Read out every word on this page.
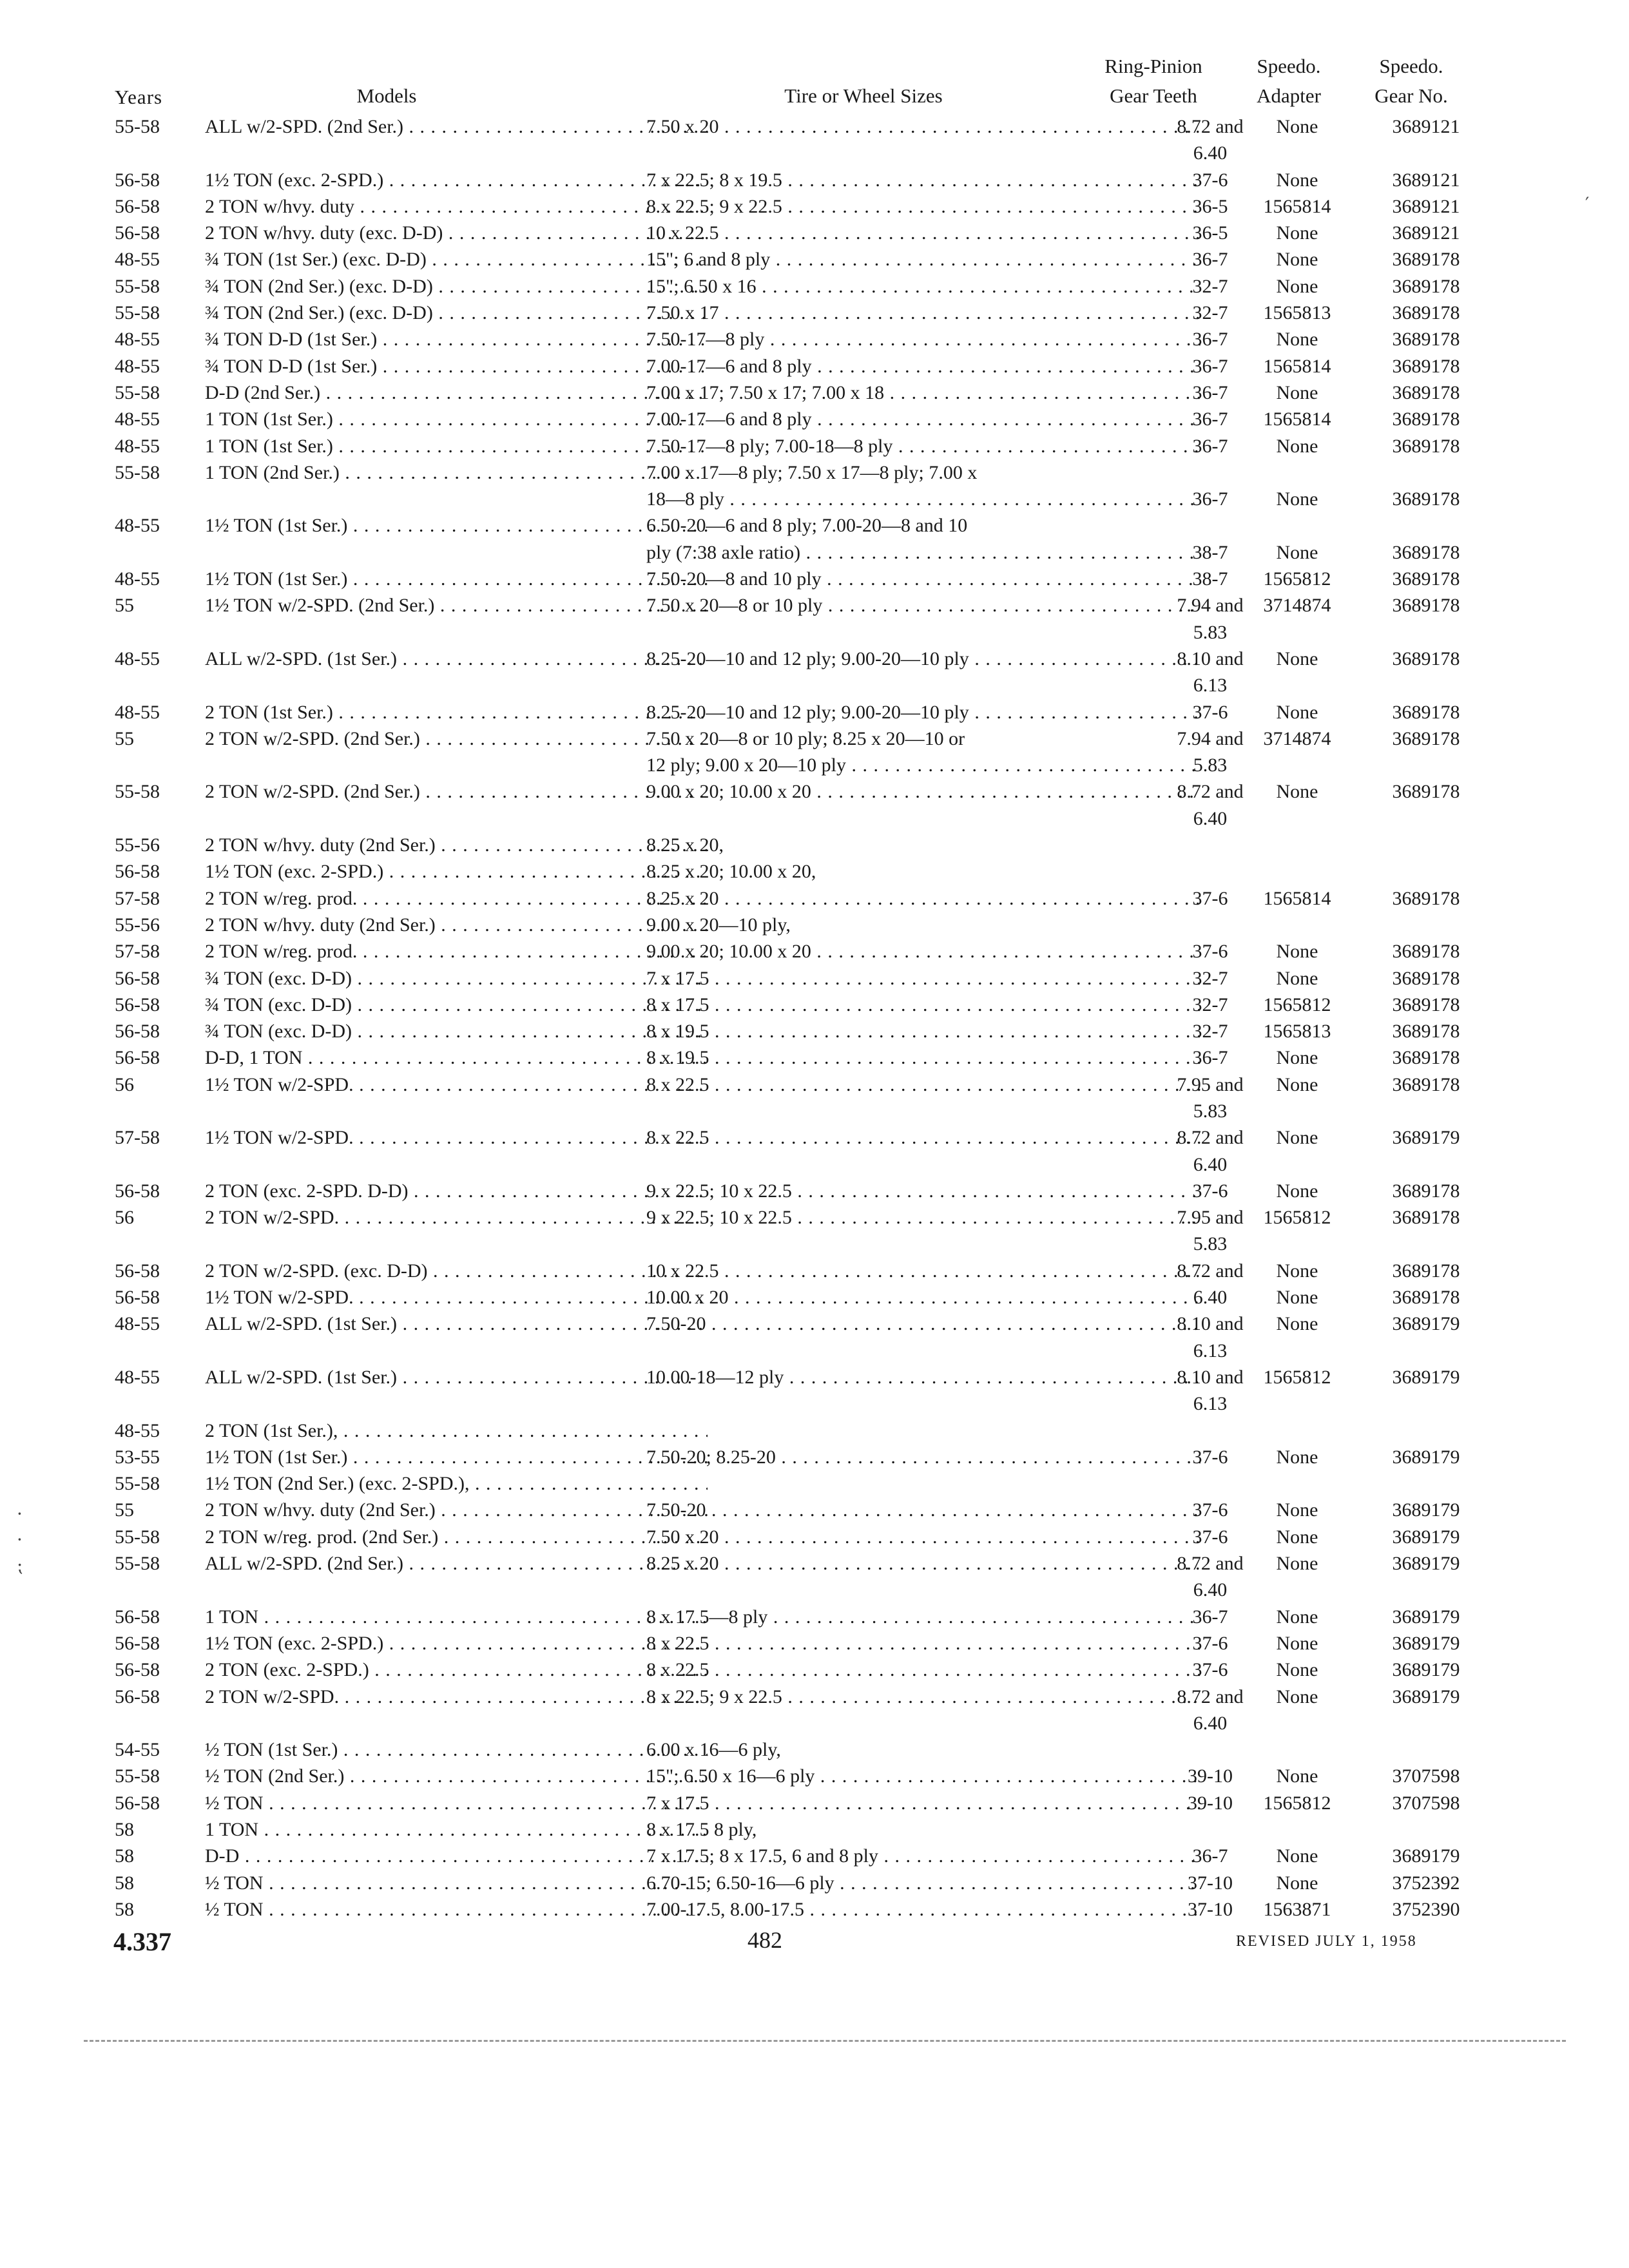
Ring-Pinion	Speedo.	Speedo.
Years	Models	Tire or Wheel Sizes	Gear Teeth	Adapter	Gear No.
55-58	ALL w/2-SPD. (2nd Ser.) . . .	7.50 x 20 . . .	8.72 and	None	3689121
6.40
56-58	1½ TON (exc. 2-SPD.) . . .	7 x 22.5; 8 x 19.5 . . .	37-6	None	3689121
56-58	2 TON w/hvy. duty . . .	8 x 22.5; 9 x 22.5 . . .	36-5	1565814	3689121
56-58	2 TON w/hvy. duty (exc. D-D) . . .	10 x 22.5 . . .	36-5	None	3689121
48-55	¾ TON (1st Ser.) (exc. D-D) . . .	15"; 6 and 8 ply . . .	36-7	None	3689178
55-58	¾ TON (2nd Ser.) (exc. D-D) . . .	15"; 6.50 x 16 . . .	32-7	None	3689178
55-58	¾ TON (2nd Ser.) (exc. D-D) . . .	7.50 x 17 . . .	32-7	1565813	3689178
48-55	¾ TON D-D (1st Ser.) . . .	7.50-17—8 ply . . .	36-7	None	3689178
48-55	¾ TON D-D (1st Ser.) . . .	7.00-17—6 and 8 ply . . .	36-7	1565814	3689178
55-58	D-D (2nd Ser.) . . .	7.00 x 17; 7.50 x 17; 7.00 x 18 . . .	36-7	None	3689178
48-55	1 TON (1st Ser.) . . .	7.00-17—6 and 8 ply . . .	36-7	1565814	3689178
48-55	1 TON (1st Ser.) . . .	7.50-17—8 ply; 7.00-18—8 ply . . .	36-7	None	3689178
55-58	1 TON (2nd Ser.) . . .	7.00 x 17—8 ply; 7.50 x 17—8 ply; 7.00 x
18—8 ply . . .	36-7	None	3689178
48-55	1½ TON (1st Ser.) . . .	6.50-20—6 and 8 ply; 7.00-20—8 and 10
ply (7:38 axle ratio) . . .	38-7	None	3689178
48-55	1½ TON (1st Ser.) . . .	7.50-20—8 and 10 ply . . .	38-7	1565812	3689178
55	1½ TON w/2-SPD. (2nd Ser.) . . .	7.50 x 20—8 or 10 ply . . .	7.94 and	3714874	3689178
5.83
48-55	ALL w/2-SPD. (1st Ser.) . . .	8.25-20—10 and 12 ply; 9.00-20—10 ply . . .	8.10 and	None	3689178
6.13
48-55	2 TON (1st Ser.) . . .	8.25-20—10 and 12 ply; 9.00-20—10 ply . . .	37-6	None	3689178
55	2 TON w/2-SPD. (2nd Ser.) . . .	7.50 x 20—8 or 10 ply; 8.25 x 20—10 or	7.94 and	3714874	3689178
12 ply; 9.00 x 20—10 ply . . .	5.83
55-58	2 TON w/2-SPD. (2nd Ser.) . . .	9.00 x 20; 10.00 x 20 . . .	8.72 and	None	3689178
6.40
55-56	2 TON w/hvy. duty (2nd Ser.) . . .	8.25 x 20,
56-58	1½ TON (exc. 2-SPD.) . . .	8.25 x 20; 10.00 x 20,
57-58	2 TON w/reg. prod. . . .	8.25 x 20 . . .	37-6	1565814	3689178
55-56	2 TON w/hvy. duty (2nd Ser.) . . .	9.00 x 20—10 ply,
57-58	2 TON w/reg. prod. . . .	9.00 x 20; 10.00 x 20 . . .	37-6	None	3689178
56-58	¾ TON (exc. D-D) . . .	7 x 17.5 . . .	32-7	None	3689178
56-58	¾ TON (exc. D-D) . . .	8 x 17.5 . . .	32-7	1565812	3689178
56-58	¾ TON (exc. D-D) . . .	8 x 19.5 . . .	32-7	1565813	3689178
56-58	D-D, 1 TON . . .	8 x 19.5 . . .	36-7	None	3689178
56	1½ TON w/2-SPD. . . .	8 x 22.5 . . .	7.95 and	None	3689178
5.83
57-58	1½ TON w/2-SPD. . . .	8 x 22.5 . . .	8.72 and	None	3689179
6.40
56-58	2 TON (exc. 2-SPD. D-D) . . .	9 x 22.5; 10 x 22.5 . . .	37-6	None	3689178
56	2 TON w/2-SPD. . . .	9 x 22.5; 10 x 22.5 . . .	7.95 and	1565812	3689178
5.83
56-58	2 TON w/2-SPD. (exc. D-D) . . .	10 x 22.5 . . .	8.72 and	None	3689178
56-58	1½ TON w/2-SPD. . . .	10.00 x 20 . . .	6.40	None	3689178
48-55	ALL w/2-SPD. (1st Ser.) . . .	7.50-20 . . .	8.10 and	None	3689179
6.13
48-55	ALL w/2-SPD. (1st Ser.) . . .	10.00-18—12 ply . . .	8.10 and	1565812	3689179
6.13
48-55	2 TON (1st Ser.), . . .
53-55	1½ TON (1st Ser.) . . .	7.50-20; 8.25-20 . . .	37-6	None	3689179
55-58	1½ TON (2nd Ser.) (exc. 2-SPD.), . . .
55	2 TON w/hvy. duty (2nd Ser.) . . .	7.50-20 . . .	37-6	None	3689179
55-58	2 TON w/reg. prod. (2nd Ser.) . . .	7.50 x 20 . . .	37-6	None	3689179
55-58	ALL w/2-SPD. (2nd Ser.) . . .	8.25 x 20 . . .	8.72 and	None	3689179
6.40
56-58	1 TON . . .	8 x 17.5—8 ply . . .	36-7	None	3689179
56-58	1½ TON (exc. 2-SPD.) . . .	8 x 22.5 . . .	37-6	None	3689179
56-58	2 TON (exc. 2-SPD.) . . .	8 x 22.5 . . .	37-6	None	3689179
56-58	2 TON w/2-SPD. . . .	8 x 22.5; 9 x 22.5 . . .	8.72 and	None	3689179
6.40
54-55	½ TON (1st Ser.) . . .	6.00 x 16—6 ply,
55-58	½ TON (2nd Ser.) . . .	15"; 6.50 x 16—6 ply . . .	39-10	None	3707598
56-58	½ TON . . .	7 x 17.5 . . .	39-10	1565812	3707598
58	1 TON . . .	8 x 17.5 8 ply,
58	D-D . . .	7 x 17.5; 8 x 17.5, 6 and 8 ply . . .	36-7	None	3689179
58	½ TON . . .	6.70-15; 6.50-16—6 ply . . .	37-10	None	3752392
58	½ TON . . .	7.00-17.5, 8.00-17.5 . . .	37-10	1563871	3752390
4.337	482	REVISED JULY 1, 1958
′
·
·
⁏
